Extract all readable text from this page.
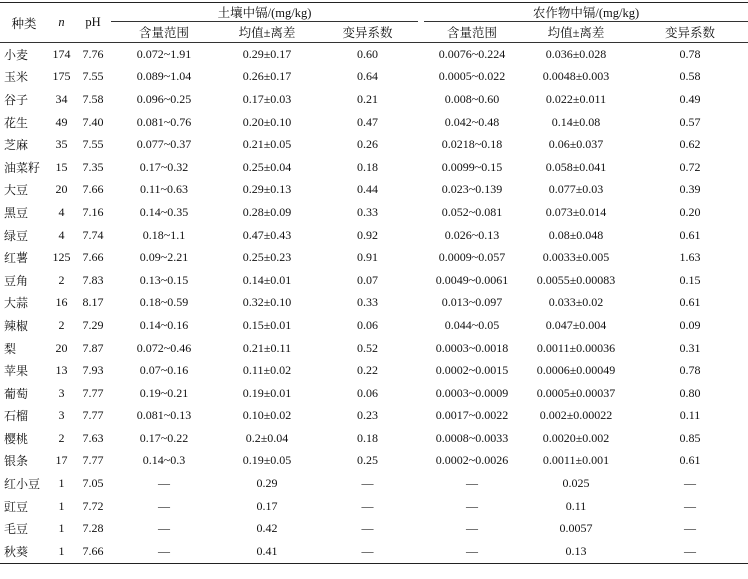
种类	n	pH	土壤中镉/(mg/kg)				农作物中镉/(mg/kg)		
			含量范围	均值±离差	变异系数		含量范围	均值±离差	变异系数
小麦	174	7.76	0.072~1.91	0.29±0.17	0.60		0.0076~0.224	0.036±0.028	0.78
玉米	175	7.55	0.089~1.04	0.26±0.17	0.64		0.0005~0.022	0.0048±0.003	0.58
谷子	34	7.58	0.096~0.25	0.17±0.03	0.21		0.008~0.60	0.022±0.011	0.49
花生	49	7.40	0.081~0.76	0.20±0.10	0.47		0.042~0.48	0.14±0.08	0.57
芝麻	35	7.55	0.077~0.37	0.21±0.05	0.26		0.0218~0.18	0.06±0.037	0.62
油菜籽	15	7.35	0.17~0.32	0.25±0.04	0.18		0.0099~0.15	0.058±0.041	0.72
大豆	20	7.66	0.11~0.63	0.29±0.13	0.44		0.023~0.139	0.077±0.03	0.39
黑豆	4	7.16	0.14~0.35	0.28±0.09	0.33		0.052~0.081	0.073±0.014	0.20
绿豆	4	7.74	0.18~1.1	0.47±0.43	0.92		0.026~0.13	0.08±0.048	0.61
红薯	125	7.66	0.09~2.21	0.25±0.23	0.91		0.0009~0.057	0.0033±0.005	1.63
豆角	2	7.83	0.13~0.15	0.14±0.01	0.07		0.0049~0.0061	0.0055±0.00083	0.15
大蒜	16	8.17	0.18~0.59	0.32±0.10	0.33		0.013~0.097	0.033±0.02	0.61
辣椒	2	7.29	0.14~0.16	0.15±0.01	0.06		0.044~0.05	0.047±0.004	0.09
梨	20	7.87	0.072~0.46	0.21±0.11	0.52		0.0003~0.0018	0.0011±0.00036	0.31
苹果	13	7.93	0.07~0.16	0.11±0.02	0.22		0.0002~0.0015	0.0006±0.00049	0.78
葡萄	3	7.77	0.19~0.21	0.19±0.01	0.06		0.0003~0.0009	0.0005±0.00037	0.80
石榴	3	7.77	0.081~0.13	0.10±0.02	0.23		0.0017~0.0022	0.002±0.00022	0.11
樱桃	2	7.63	0.17~0.22	0.2±0.04	0.18		0.0008~0.0033	0.0020±0.002	0.85
银条	17	7.77	0.14~0.3	0.19±0.05	0.25		0.0002~0.0026	0.0011±0.001	0.61
红小豆	1	7.05	—	0.29	—		—	0.025	—
豇豆	1	7.72	—	0.17	—		—	0.11	—
毛豆	1	7.28	—	0.42	—		—	0.0057	—
秋葵	1	7.66	—	0.41	—		—	0.13	—
